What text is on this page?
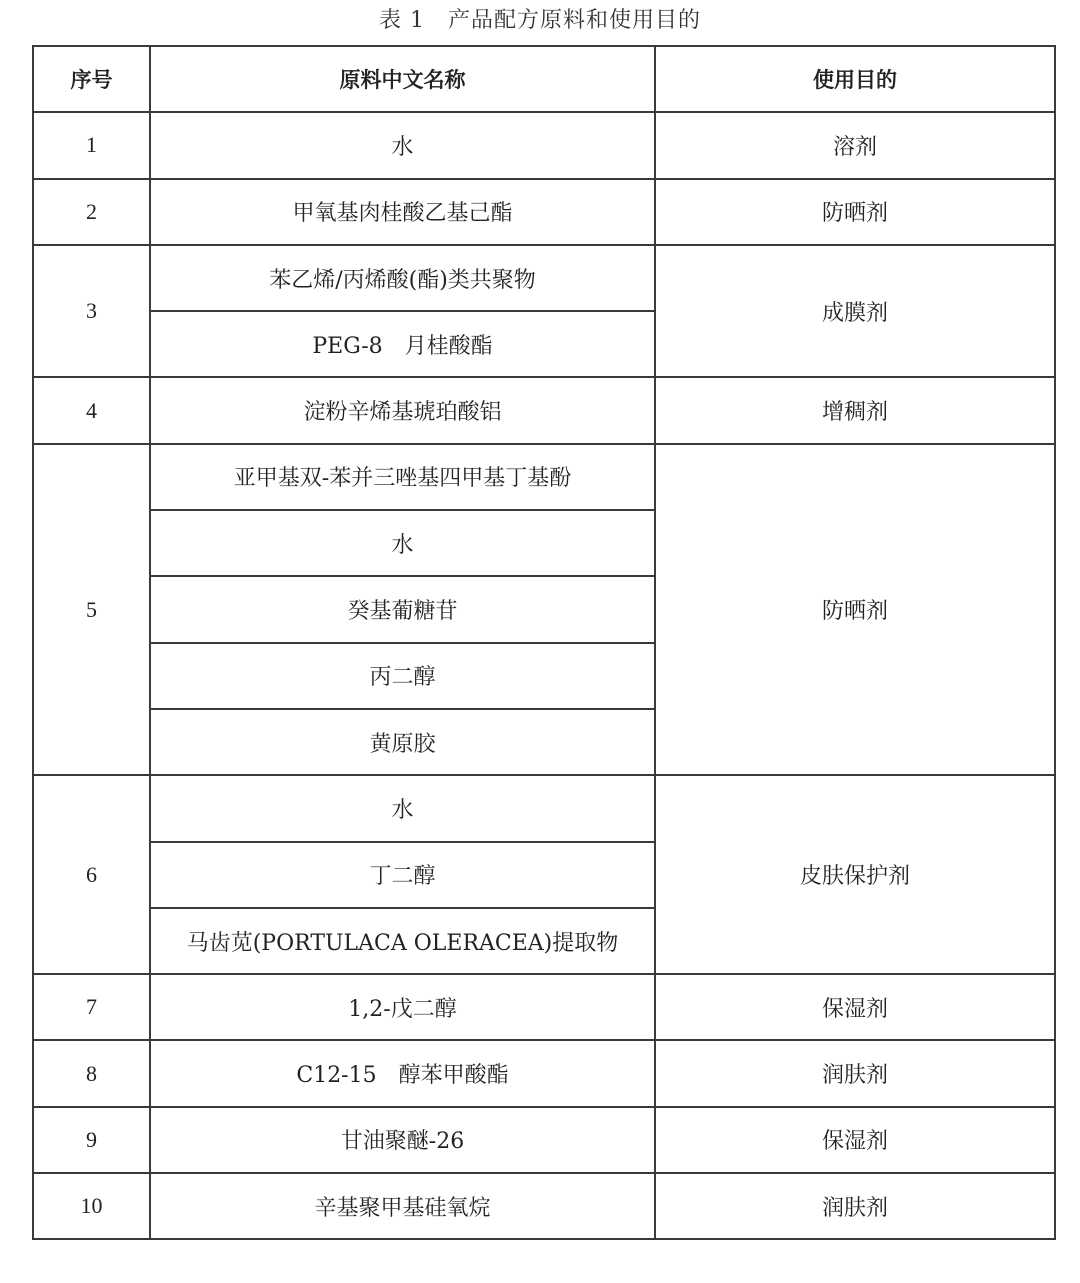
表 1　产品配方原料和使用目的
序号	原料中文名称	使用目的
1	水	溶剂
2	甲氧基肉桂酸乙基己酯	防晒剂
3	苯乙烯/丙烯酸(酯)类共聚物	成膜剂
	PEG-8　月桂酸酯	
4	淀粉辛烯基琥珀酸铝	增稠剂
5	亚甲基双-苯并三唑基四甲基丁基酚	防晒剂
	水	
	癸基葡糖苷	
	丙二醇	
	黄原胶	
6	水	皮肤保护剂
	丁二醇	
	马齿苋(PORTULACA OLERACEA)提取物	
7	1,2-戊二醇	保湿剂
8	C12-15　醇苯甲酸酯	润肤剂
9	甘油聚醚-26	保湿剂
10	辛基聚甲基硅氧烷	润肤剂
